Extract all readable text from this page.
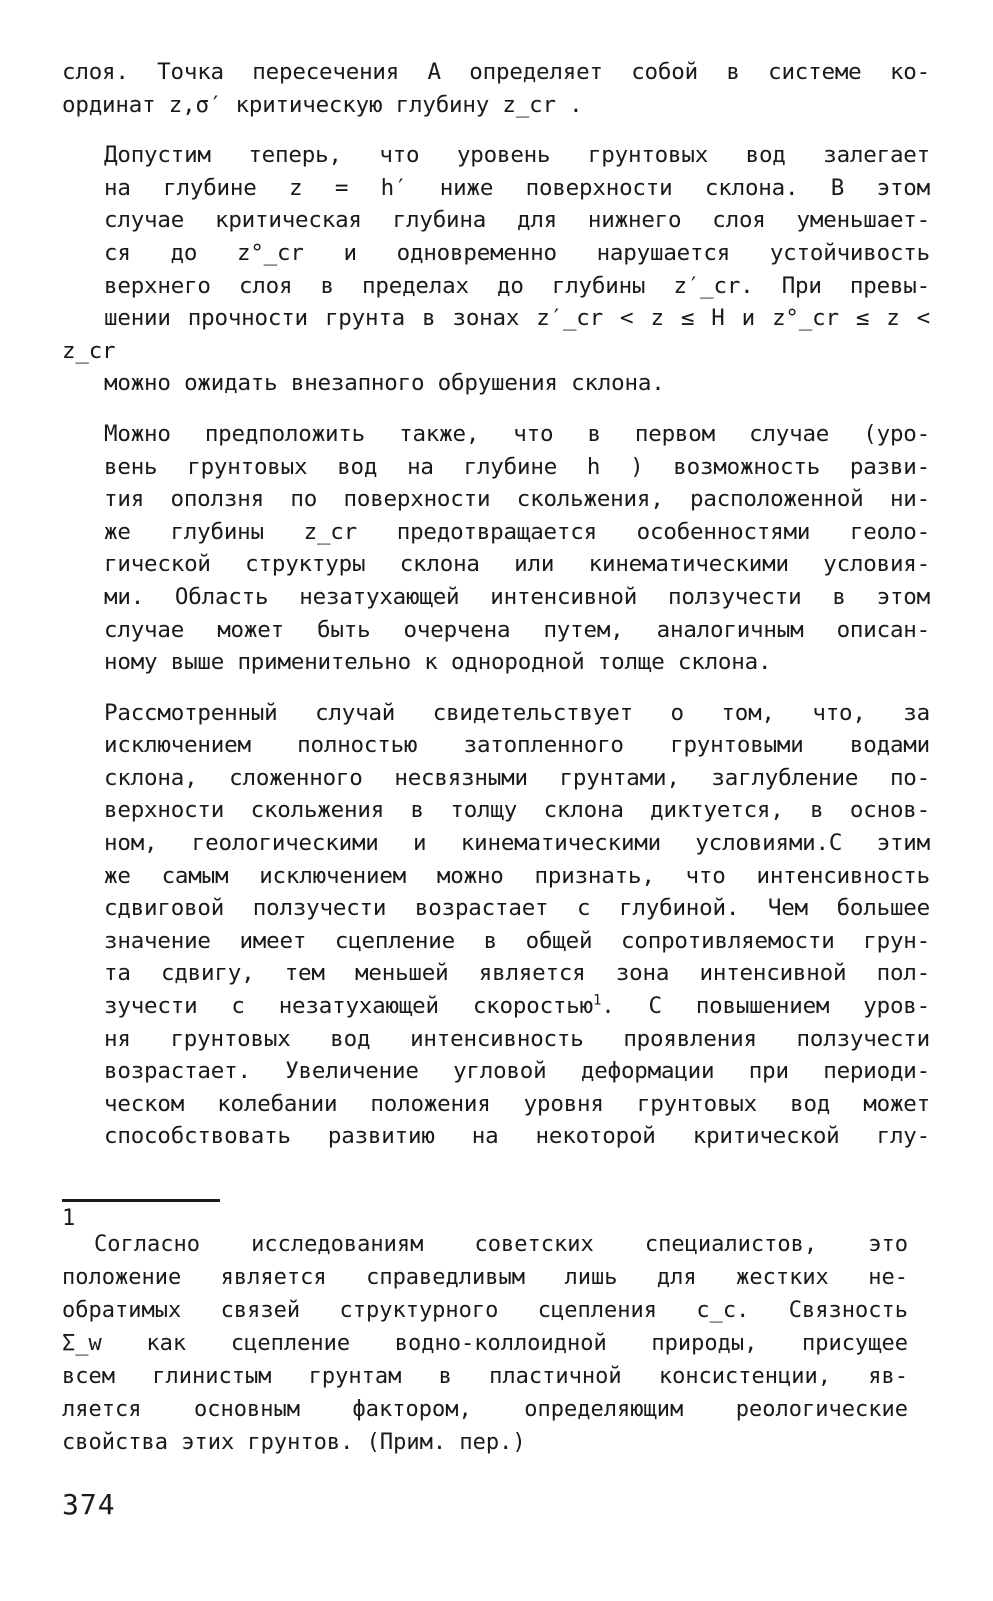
слоя. Точка пересечения А определяет собой в системе ко-
ординат z,σ′ критическую глубину z_cr .

Допустим теперь, что уровень грунтовых вод залегает
на глубине z = h′ ниже поверхности склона. В этом
случае критическая глубина для нижнего слоя уменьшает-
ся до z°_cr и одновременно нарушается устойчивость
верхнего слоя в пределах до глубины z′_cr. При превы-
шении прочности грунта в зонах z′_cr < z ≤ H и z°_cr ≤ z < z_cr
можно ожидать внезапного обрушения склона.

Можно предположить также, что в первом случае (уро-
вень грунтовых вод на глубине h ) возможность разви-
тия оползня по поверхности скольжения, расположенной ни-
же глубины z_cr предотвращается особенностями геоло-
гической структуры склона или кинематическими условия-
ми. Область незатухающей интенсивной ползучести в этом
случае может быть очерчена путем, аналогичным описан-
ному выше применительно к однородной толще склона.

Рассмотренный случай свидетельствует о том, что, за
исключением полностью затопленного грунтовыми водами
склона, сложенного несвязными грунтами, заглубление по-
верхности скольжения в толщу склона диктуется, в основ-
ном, геологическими и кинематическими условиями.С этим
же самым исключением можно признать, что интенсивность
сдвиговой ползучести возрастает с глубиной. Чем большее
значение имеет сцепление в общей сопротивляемости грун-
та сдвигу, тем меньшей является зона интенсивной пол-
зучести с незатухающей скоростью$^1$. С повышением уров-
ня грунтовых вод интенсивность проявления ползучести
возрастает. Увеличение угловой деформации при периоди-
ческом колебании положения уровня грунтовых вод может
способствовать развитию на некоторой критической глу-

1
Согласно исследованиям советских специалистов, это
положение является справедливым лишь для жестких не-
обратимых связей структурного сцепления c_c. Связность
Σ_w как сцепление водно-коллоидной природы, присущее
всем глинистым грунтам в пластичной консистенции, яв-
ляется основным фактором, определяющим реологические
свойства этих грунтов. (Прим. пер.)
374
